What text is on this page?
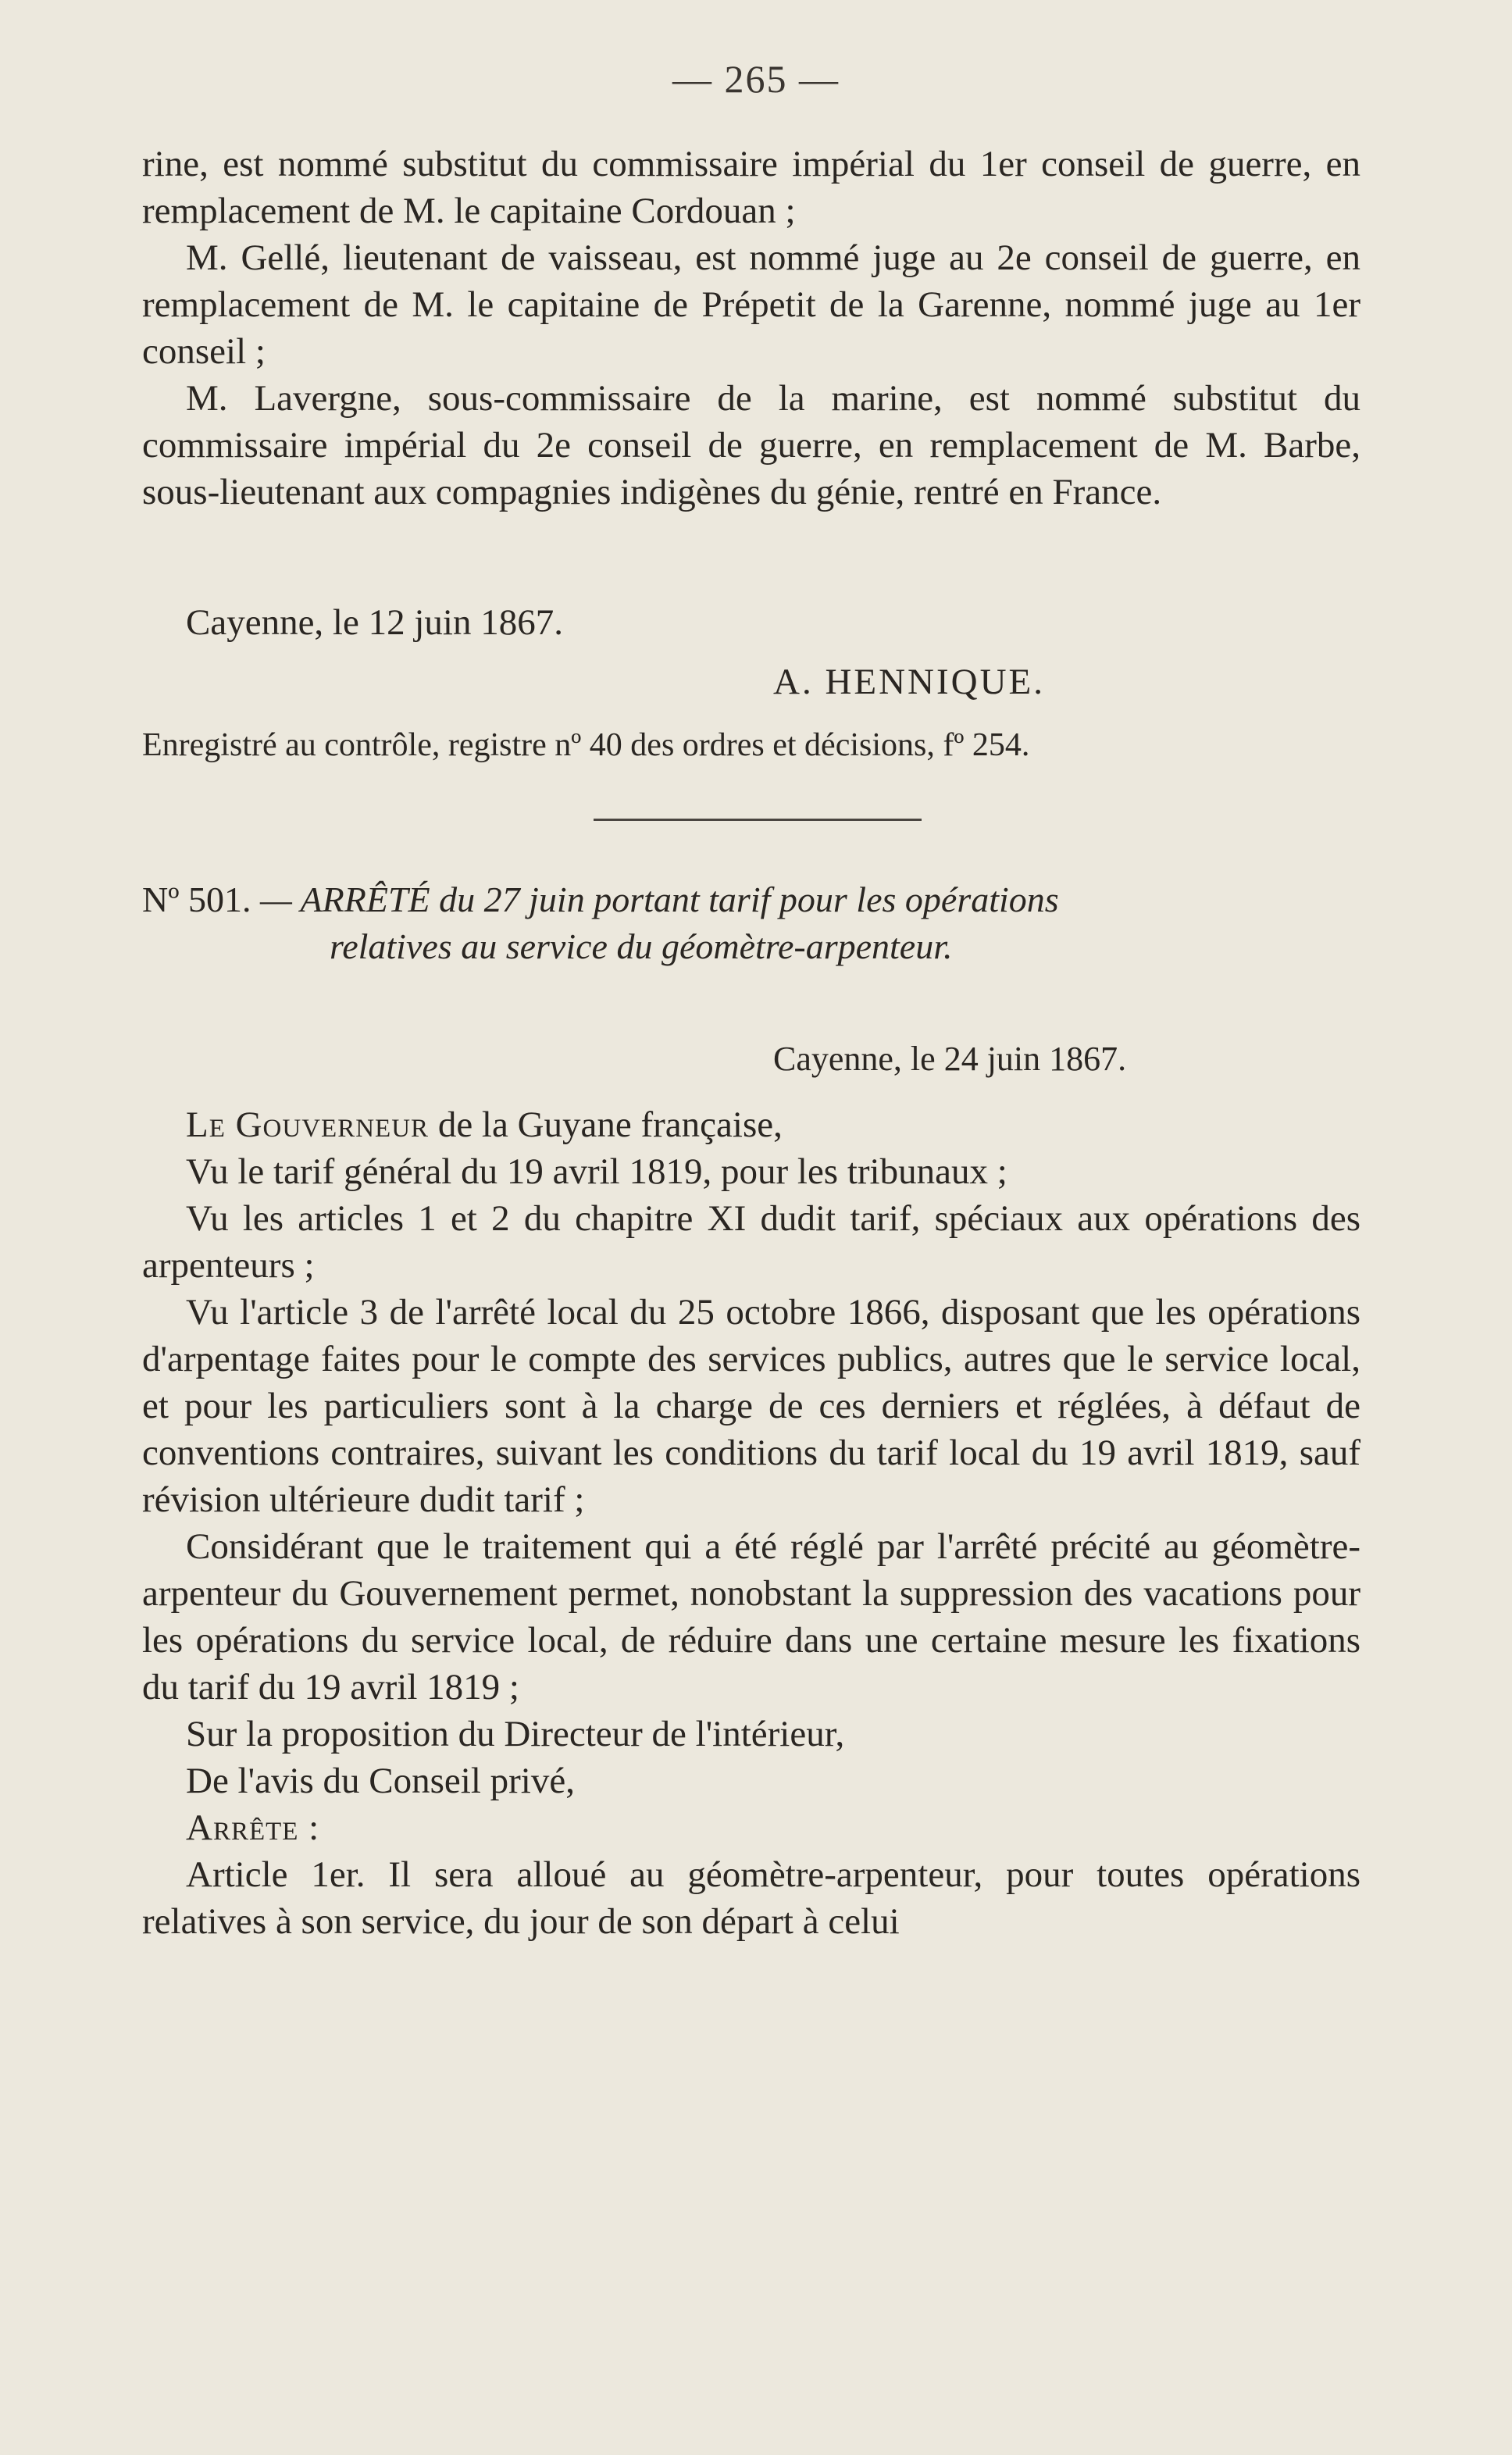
— 265 —

rine, est nommé substitut du commissaire impérial du 1er conseil de guerre, en remplacement de M. le capitaine Cordouan ;

M. Gellé, lieutenant de vaisseau, est nommé juge au 2e conseil de guerre, en remplacement de M. le capitaine de Prépetit de la Garenne, nommé juge au 1er conseil ;

M. Lavergne, sous-commissaire de la marine, est nommé substitut du commissaire impérial du 2e conseil de guerre, en remplacement de M. Barbe, sous-lieutenant aux compagnies indigènes du génie, rentré en France.

Cayenne, le 12 juin 1867.
A. HENNIQUE.
Enregistré au contrôle, registre nº 40 des ordres et décisions, fº 254.
Nº 501. — ARRÊTÉ du 27 juin portant tarif pour les opérations
relatives au service du géomètre-arpenteur.
Cayenne, le 24 juin 1867.

Le Gouverneur de la Guyane française,

Vu le tarif général du 19 avril 1819, pour les tribunaux ;

Vu les articles 1 et 2 du chapitre XI dudit tarif, spéciaux aux opérations des arpenteurs ;

Vu l'article 3 de l'arrêté local du 25 octobre 1866, disposant que les opérations d'arpentage faites pour le compte des services publics, autres que le service local, et pour les particuliers sont à la charge de ces derniers et réglées, à défaut de conventions contraires, suivant les conditions du tarif local du 19 avril 1819, sauf révision ultérieure dudit tarif ;

Considérant que le traitement qui a été réglé par l'arrêté précité au géomètre-arpenteur du Gouvernement permet, nonobstant la suppression des vacations pour les opérations du service local, de réduire dans une certaine mesure les fixations du tarif du 19 avril 1819 ;

Sur la proposition du Directeur de l'intérieur,

De l'avis du Conseil privé,

Arrête :

Article 1er. Il sera alloué au géomètre-arpenteur, pour toutes opérations relatives à son service, du jour de son départ à celui
